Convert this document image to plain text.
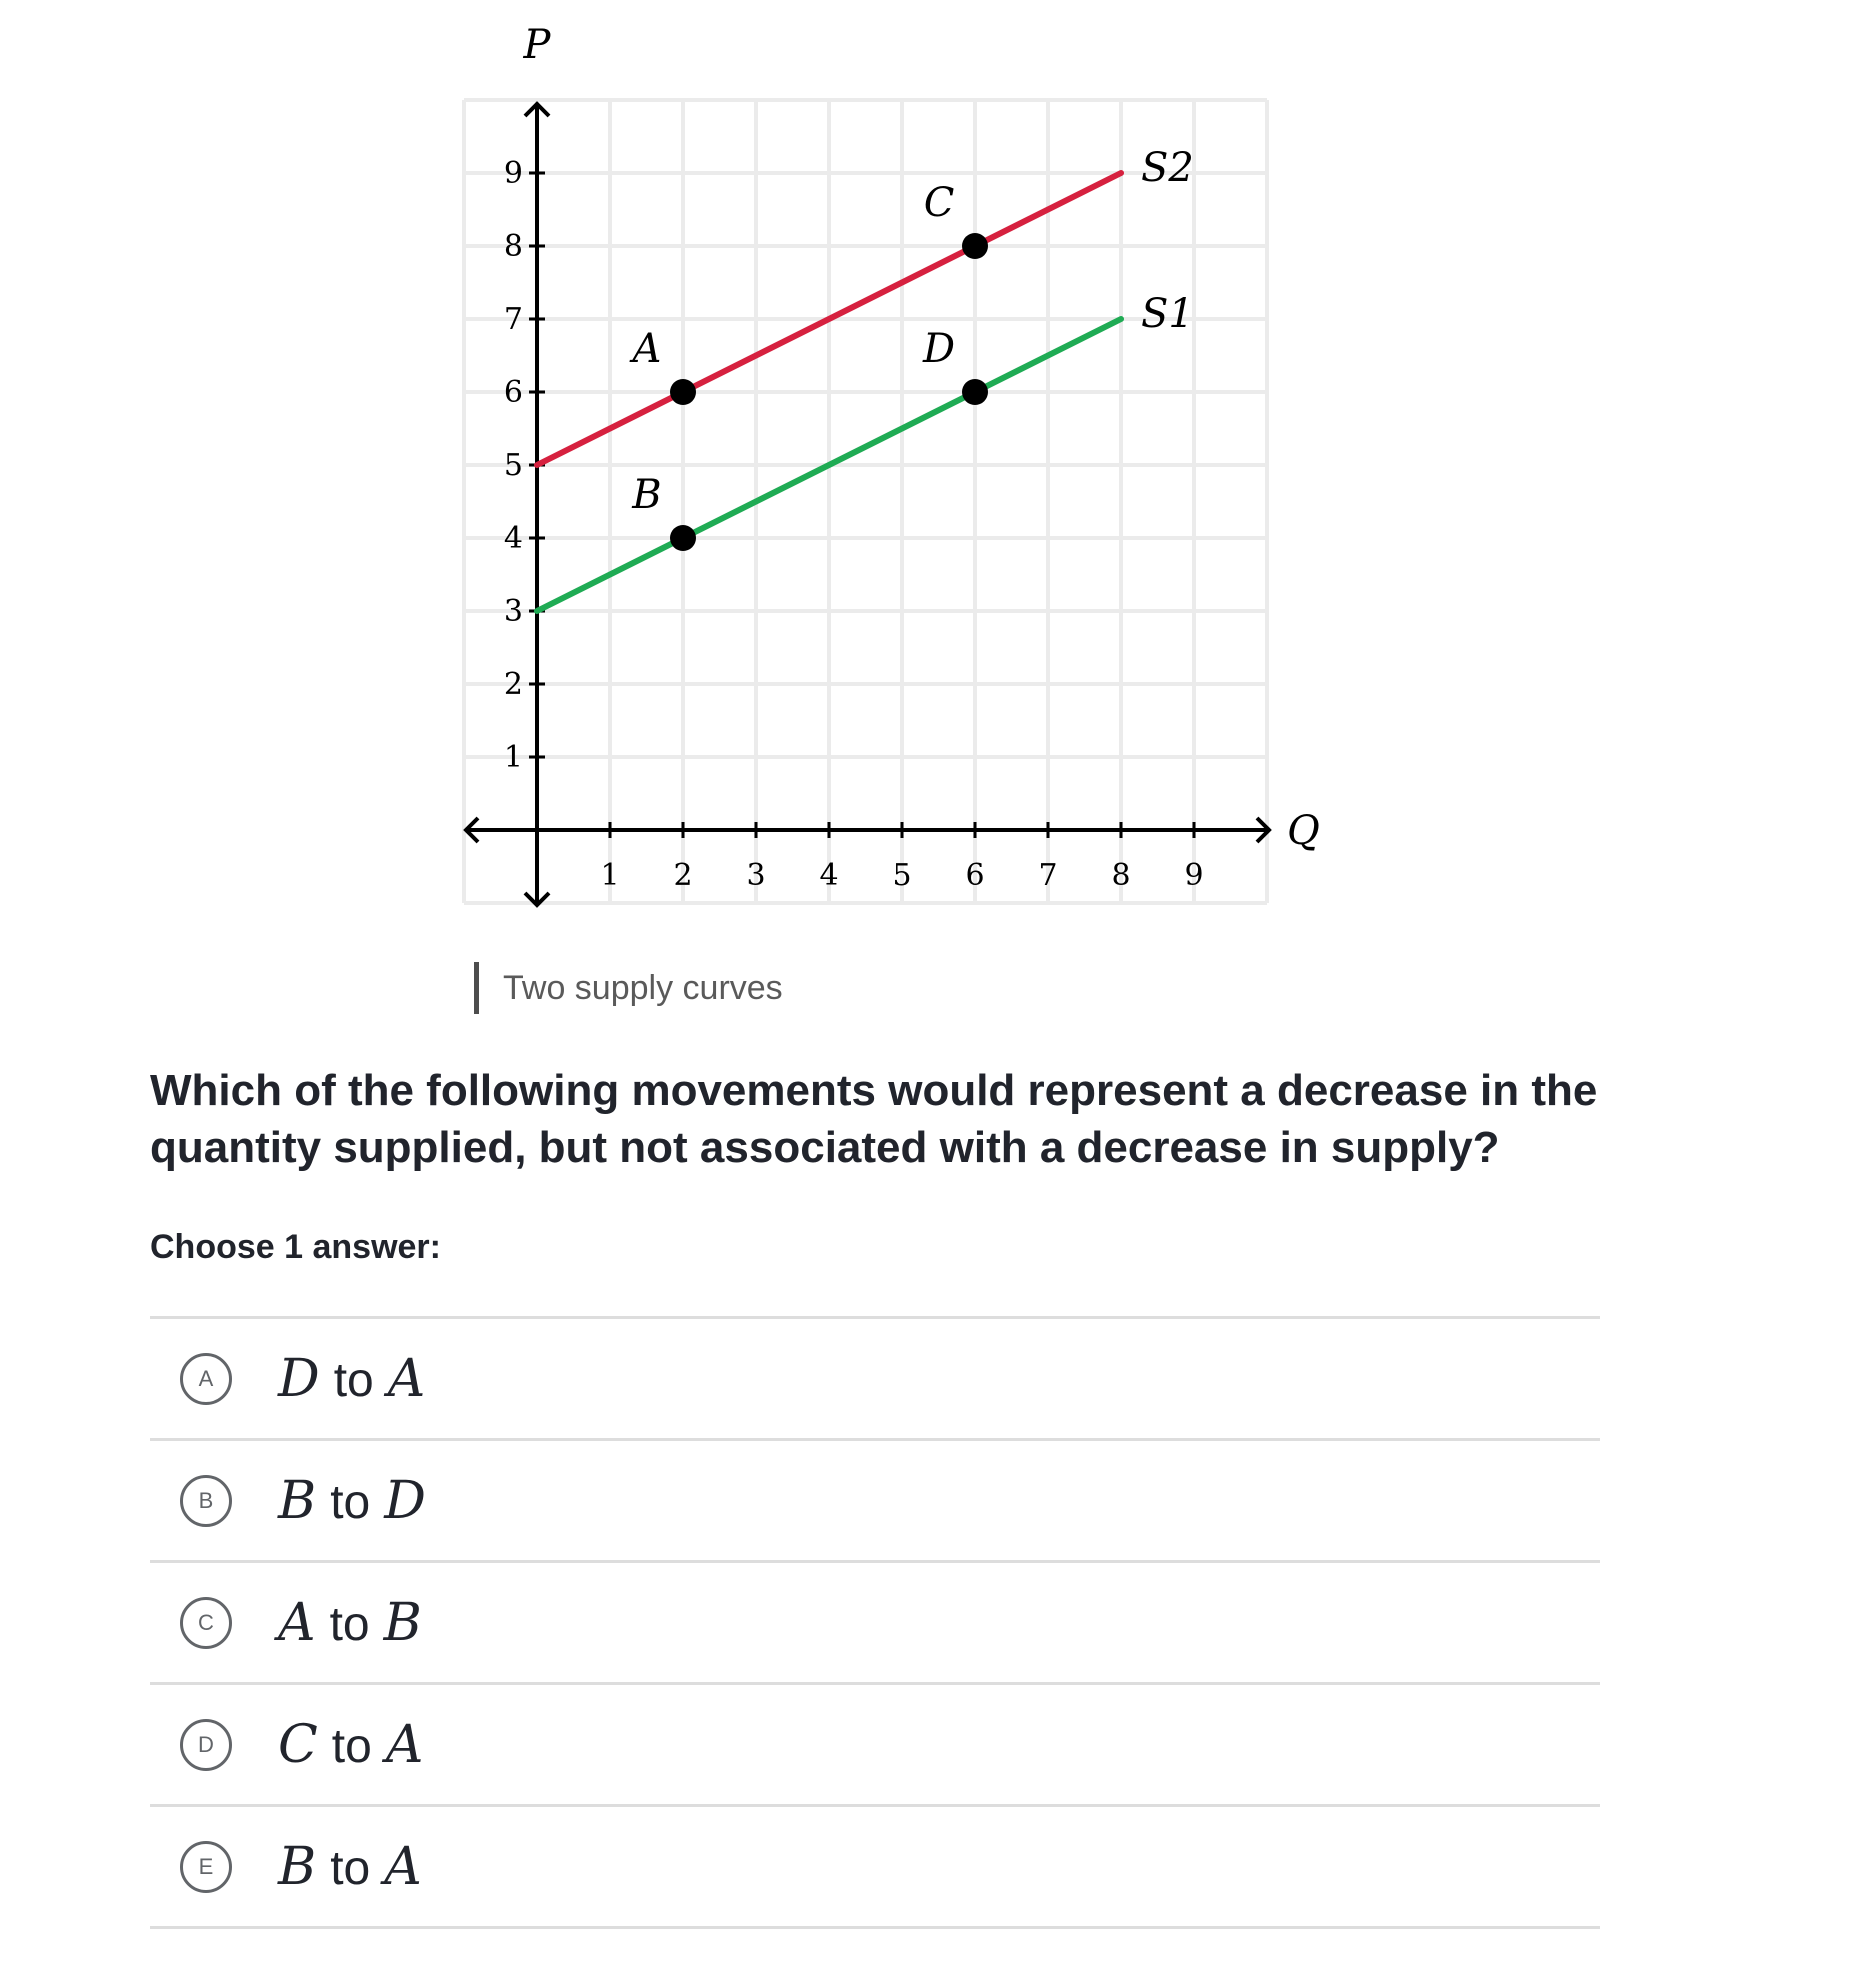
1 2 3 4 5 6 7 8 9
1
2
3
4
5
6
7
8
9
P
Q
S2
S1
A
B
C
D
Two supply curves

Which of the following movements would represent a decrease in the quantity supplied, but not associated with a decrease in supply?

Choose 1 answer:
A	D to A
B	B to D
C	A to B
D	C to A
E	B to A
